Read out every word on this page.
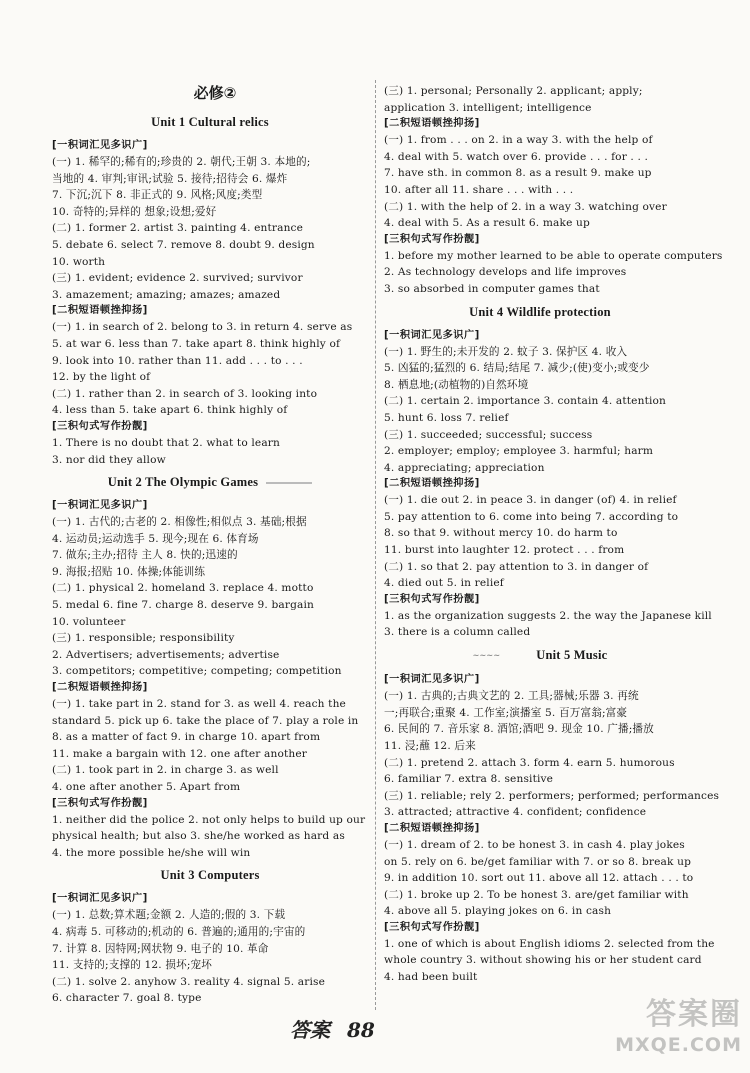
必修②
Unit 1 Cultural relics
[一积词汇见多识广]
(一) 1. 稀罕的;稀有的;珍贵的 2. 朝代;王朝 3. 本地的;
当地的 4. 审判;审讯;试验 5. 接待;招待会 6. 爆炸
7. 下沉;沉下 8. 非正式的 9. 风格;风度;类型
10. 奇特的;异样的 想象;设想;爱好
(二) 1. former 2. artist 3. painting 4. entrance
5. debate 6. select 7. remove 8. doubt 9. design
10. worth
(三) 1. evident; evidence 2. survived; survivor
3. amazement; amazing; amazes; amazed
[二积短语顿挫抑扬]
(一) 1. in search of 2. belong to 3. in return 4. serve as
5. at war 6. less than 7. take apart 8. think highly of
9. look into 10. rather than 11. add . . . to . . .
12. by the light of
(二) 1. rather than 2. in search of 3. looking into
4. less than 5. take apart 6. think highly of
[三积句式写作扮靓]
1. There is no doubt that 2. what to learn
3. nor did they allow
Unit 2 The Olympic Games
[一积词汇见多识广]
(一) 1. 古代的;古老的 2. 相像性;相似点 3. 基础;根据
4. 运动员;运动选手 5. 现今;现在 6. 体育场
7. 做东;主办;招待 主人 8. 快的;迅速的
9. 海报;招贴 10. 体操;体能训练
(二) 1. physical 2. homeland 3. replace 4. motto
5. medal 6. fine 7. charge 8. deserve 9. bargain
10. volunteer
(三) 1. responsible; responsibility
2. Advertisers; advertisements; advertise
3. competitors; competitive; competing; competition
[二积短语顿挫抑扬]
(一) 1. take part in 2. stand for 3. as well 4. reach the
standard 5. pick up 6. take the place of 7. play a role in
8. as a matter of fact 9. in charge 10. apart from
11. make a bargain with 12. one after another
(二) 1. took part in 2. in charge 3. as well
4. one after another 5. Apart from
[三积句式写作扮靓]
1. neither did the police 2. not only helps to build up our
physical health; but also 3. she/he worked as hard as
4. the more possible he/she will win
Unit 3 Computers
[一积词汇见多识广]
(一) 1. 总数;算术题;金额 2. 人造的;假的 3. 下载
4. 病毒 5. 可移动的;机动的 6. 普遍的;通用的;宇宙的
7. 计算 8. 因特网;网状物 9. 电子的 10. 革命
11. 支持的;支撑的 12. 损坏;宠坏
(二) 1. solve 2. anyhow 3. reality 4. signal 5. arise
6. character 7. goal 8. type
(三) 1. personal; Personally 2. applicant; apply;
application 3. intelligent; intelligence
[二积短语顿挫抑扬]
(一) 1. from . . . on 2. in a way 3. with the help of
4. deal with 5. watch over 6. provide . . . for . . .
7. have sth. in common 8. as a result 9. make up
10. after all 11. share . . . with . . .
(二) 1. with the help of 2. in a way 3. watching over
4. deal with 5. As a result 6. make up
[三积句式写作扮靓]
1. before my mother learned to be able to operate computers
2. As technology develops and life improves
3. so absorbed in computer games that
Unit 4 Wildlife protection
[一积词汇见多识广]
(一) 1. 野生的;未开发的 2. 蚊子 3. 保护区 4. 收入
5. 凶猛的;猛烈的 6. 结局;结尾 7. 减少;(使)变小;或变少
8. 栖息地;(动植物的)自然环境
(二) 1. certain 2. importance 3. contain 4. attention
5. hunt 6. loss 7. relief
(三) 1. succeeded; successful; success
2. employer; employ; employee 3. harmful; harm
4. appreciating; appreciation
[二积短语顿挫抑扬]
(一) 1. die out 2. in peace 3. in danger (of) 4. in relief
5. pay attention to 6. come into being 7. according to
8. so that 9. without mercy 10. do harm to
11. burst into laughter 12. protect . . . from
(二) 1. so that 2. pay attention to 3. in danger of
4. died out 5. in relief
[三积句式写作扮靓]
1. as the organization suggests 2. the way the Japanese kill
3. there is a column called
~~~~	Unit 5 Music
[一积词汇见多识广]
(一) 1. 古典的;古典文艺的 2. 工具;器械;乐器 3. 再统
一;再联合;重聚 4. 工作室;演播室 5. 百万富翁;富豪
6. 民间的 7. 音乐家 8. 酒馆;酒吧 9. 现金 10. 广播;播放
11. 浸;蘸 12. 后来
(二) 1. pretend 2. attach 3. form 4. earn 5. humorous
6. familiar 7. extra 8. sensitive
(三) 1. reliable; rely 2. performers; performed; performances
3. attracted; attractive 4. confident; confidence
[二积短语顿挫抑扬]
(一) 1. dream of 2. to be honest 3. in cash 4. play jokes
on 5. rely on 6. be/get familiar with 7. or so 8. break up
9. in addition 10. sort out 11. above all 12. attach . . . to
(二) 1. broke up 2. To be honest 3. are/get familiar with
4. above all 5. playing jokes on 6. in cash
[三积句式写作扮靓]
1. one of which is about English idioms 2. selected from the
whole country 3. without showing his or her student card
4. had been built
答案 88	答案圈
MXQE.COM
